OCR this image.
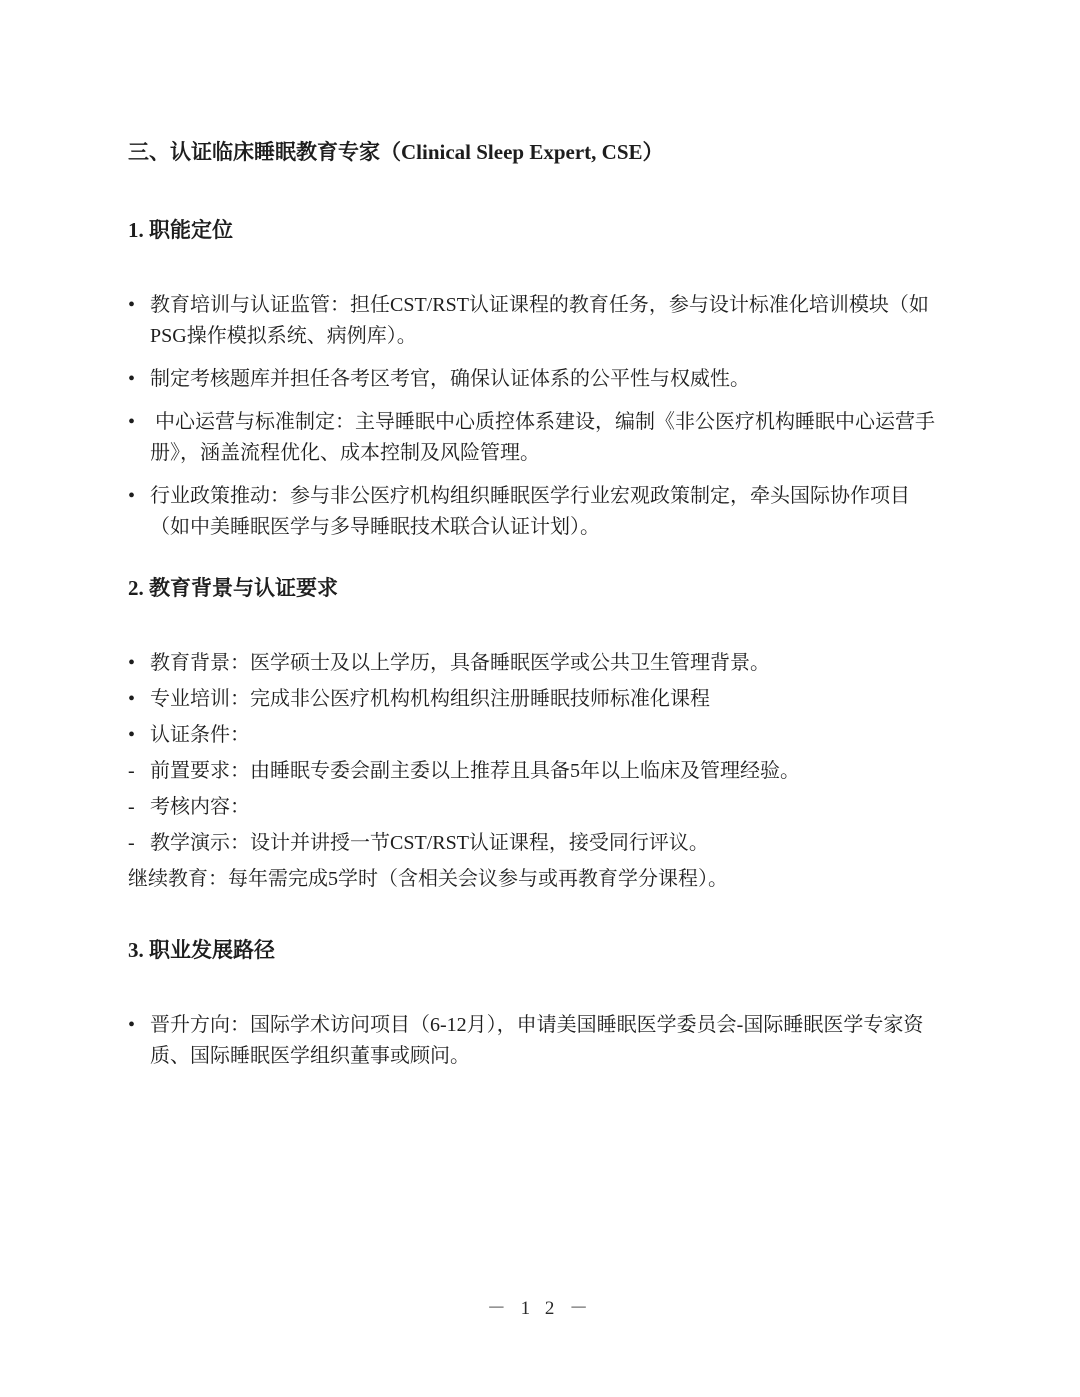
三、认证临床睡眠教育专家（Clinical Sleep Expert, CSE）
1. 职能定位
• 教育培训与认证监管：担任CST/RST认证课程的教育任务，参与设计标准化培训模块（如PSG操作模拟系统、病例库）。
• 制定考核题库并担任各考区考官，确保认证体系的公平性与权威性。
• 中心运营与标准制定：主导睡眠中心质控体系建设，编制《非公医疗机构睡眠中心运营手册》，涵盖流程优化、成本控制及风险管理。
• 行业政策推动：参与非公医疗机构组织睡眠医学行业宏观政策制定，牵头国际协作项目（如中美睡眠医学与多导睡眠技术联合认证计划）。
2. 教育背景与认证要求
• 教育背景：医学硕士及以上学历，具备睡眠医学或公共卫生管理背景。
• 专业培训：完成非公医疗机构机构组织注册睡眠技师标准化课程
• 认证条件：
- 前置要求：由睡眠专委会副主委以上推荐且具备5年以上临床及管理经验。
- 考核内容：
- 教学演示：设计并讲授一节CST/RST认证课程，接受同行评议。
继续教育：每年需完成5学时（含相关会议参与或再教育学分课程）。
3. 职业发展路径
• 晋升方向：国际学术访问项目（6-12月），申请美国睡眠医学委员会-国际睡眠医学专家资质、国际睡眠医学组织董事或顾问。
－ 1 2 －
